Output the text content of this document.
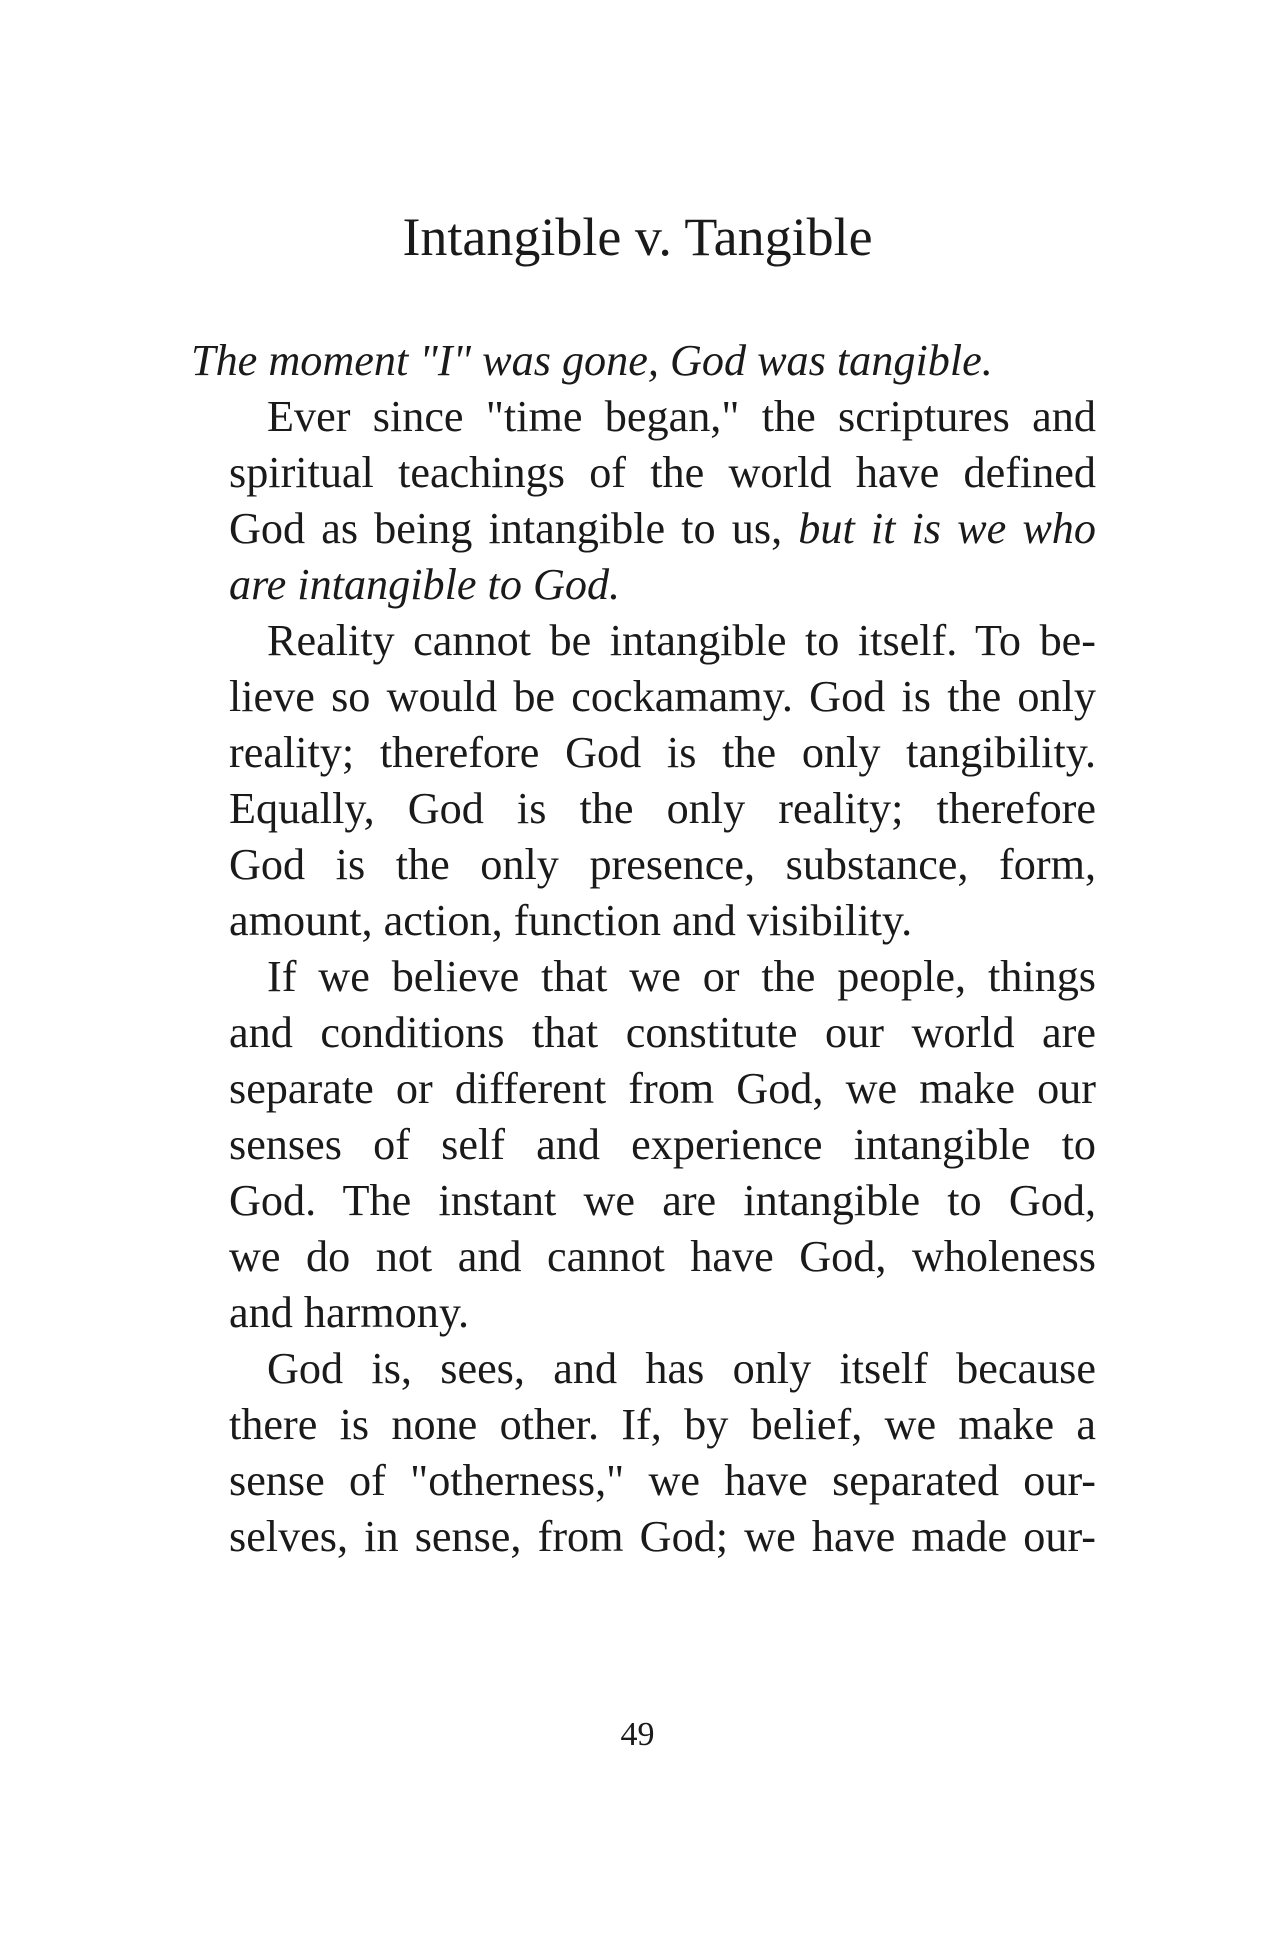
Intangible v. Tangible
The moment "I" was gone, God was tangible.
Ever since "time began," the scriptures and
spiritual teachings of the world have defined
God as being intangible to us, but it is we who
are intangible to God.
Reality cannot be intangible to itself. To be-
lieve so would be cockamamy. God is the only
reality; therefore God is the only tangibility.
Equally, God is the only reality; therefore
God is the only presence, substance, form,
amount, action, function and visibility.
If we believe that we or the people, things
and conditions that constitute our world are
separate or different from God, we make our
senses of self and experience intangible to
God. The instant we are intangible to God,
we do not and cannot have God, wholeness
and harmony.
God is, sees, and has only itself because
there is none other. If, by belief, we make a
sense of "otherness," we have separated our-
selves, in sense, from God; we have made our-
49
